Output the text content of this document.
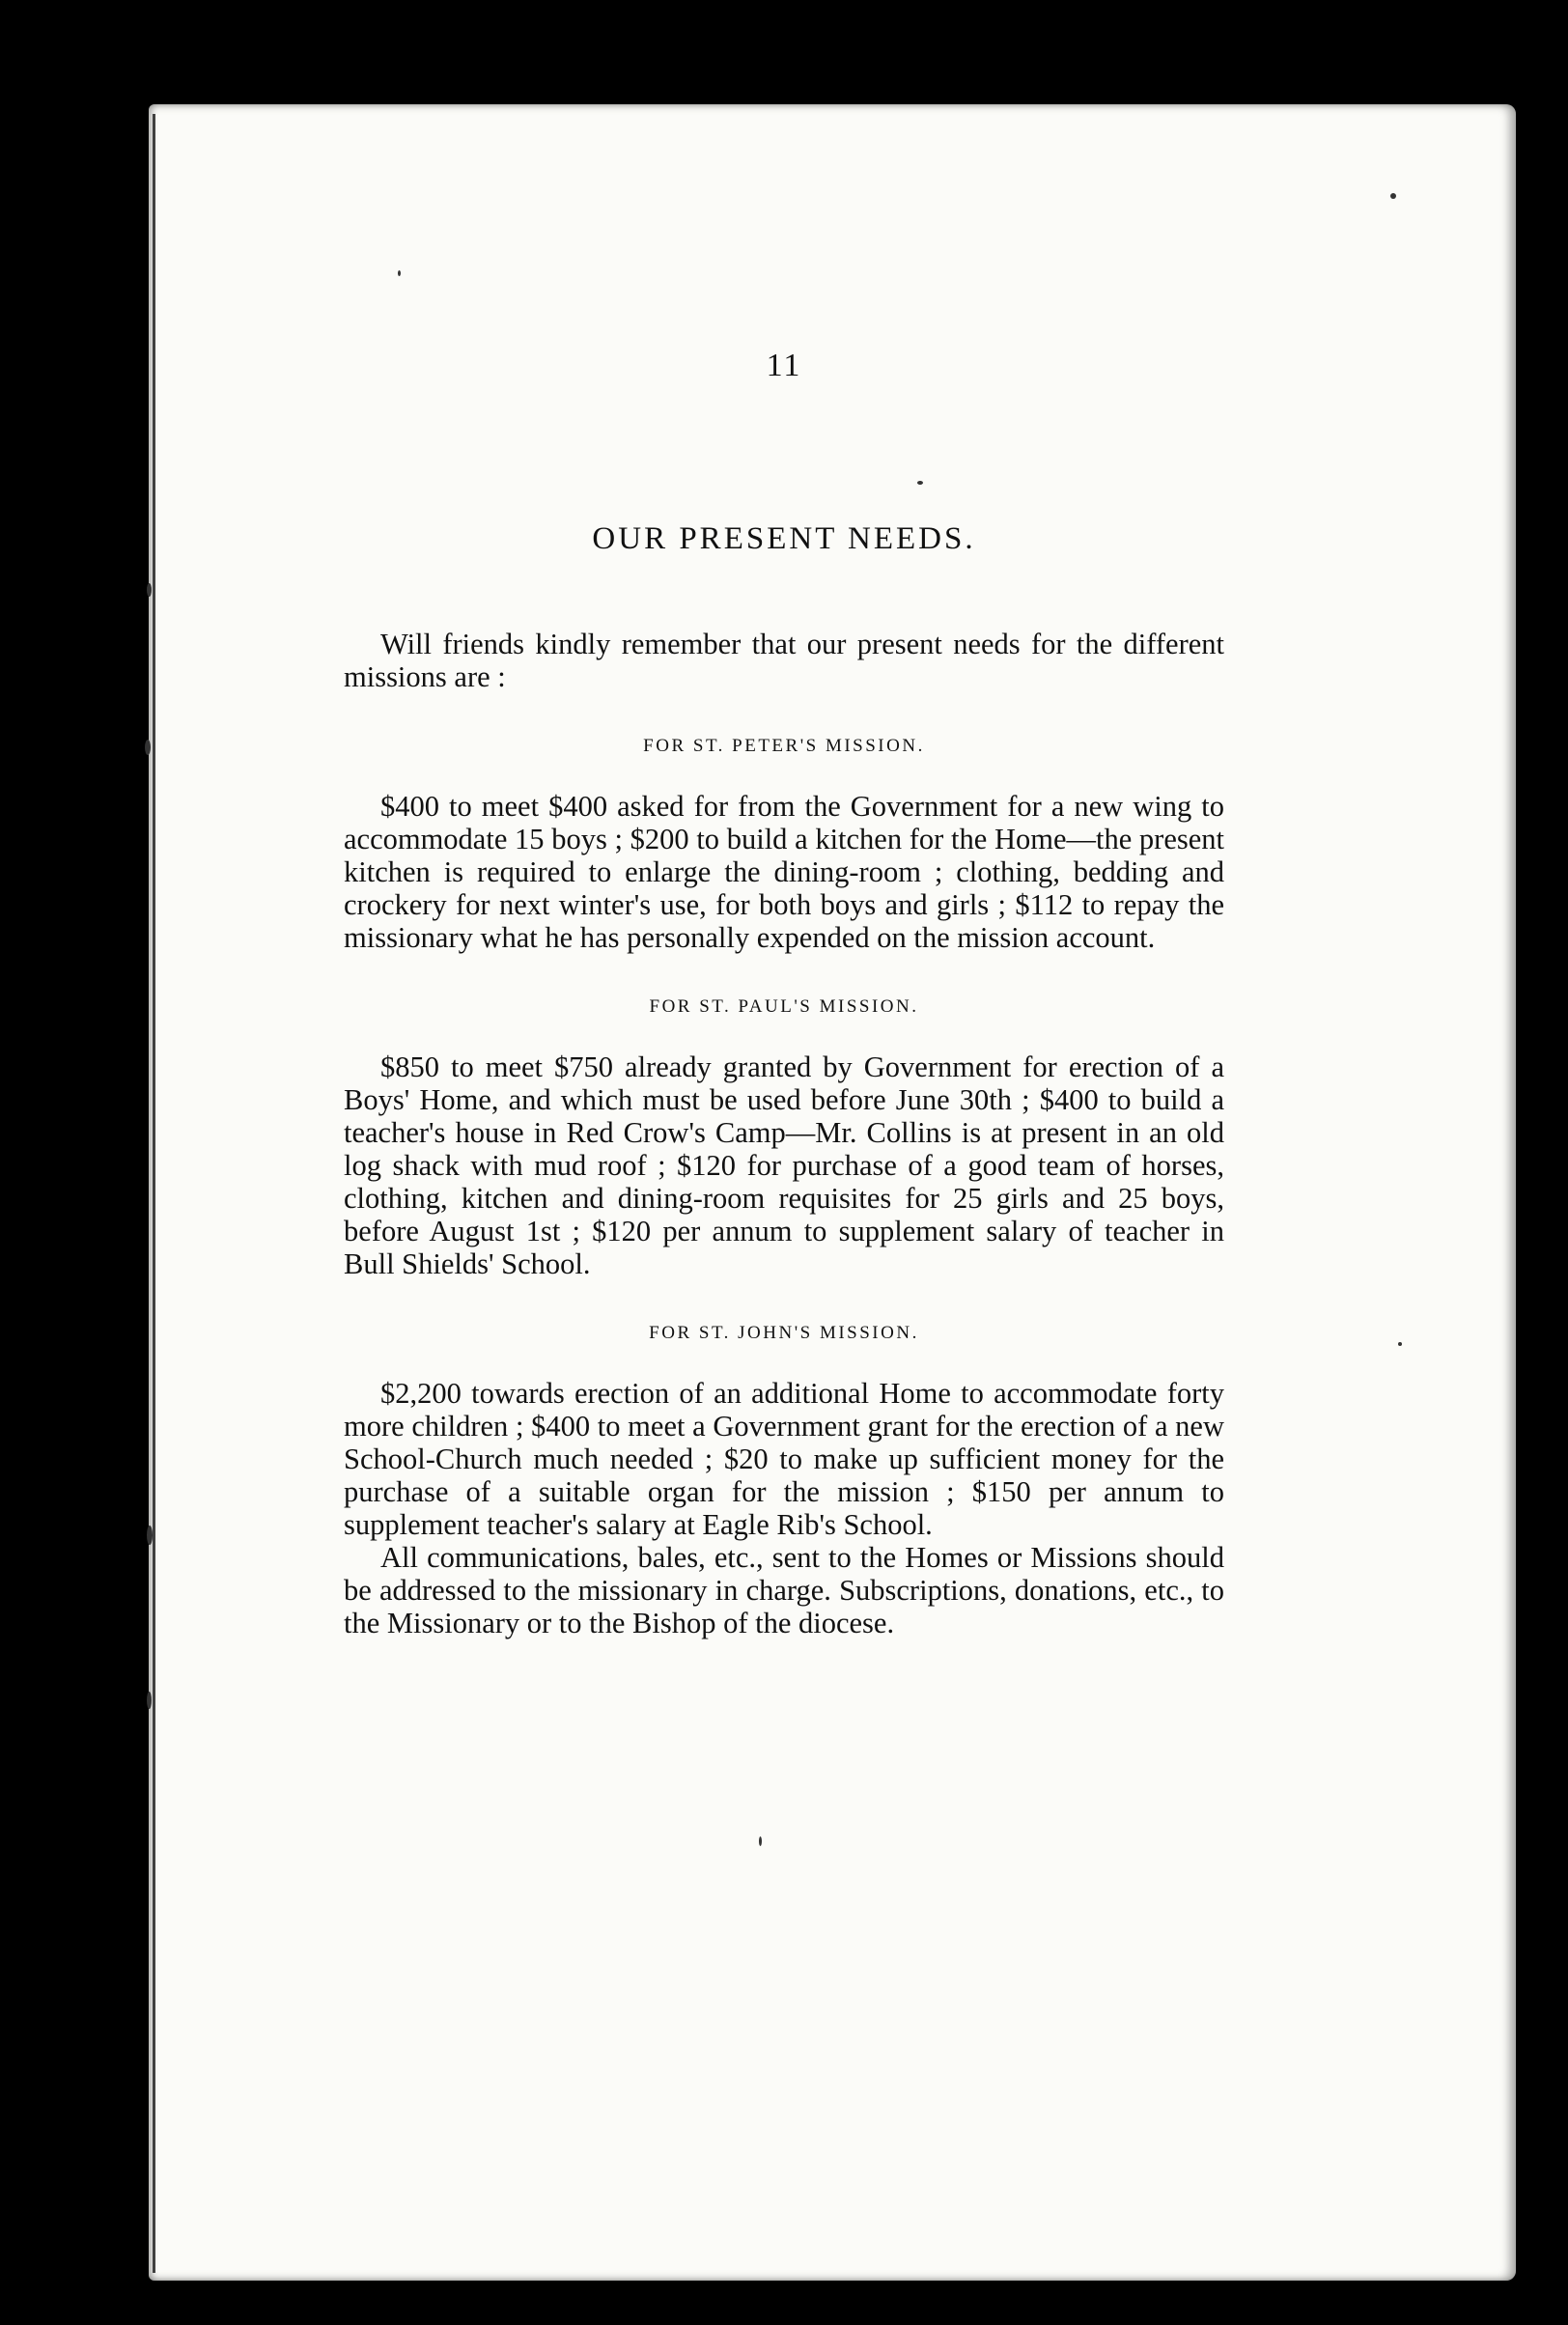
11
OUR PRESENT NEEDS.

Will friends kindly remember that our present needs for the different missions are :

FOR ST. PETER'S MISSION.

$400 to meet $400 asked for from the Government for a new wing to accommodate 15 boys ; $200 to build a kitchen for the Home—the present kitchen is required to enlarge the dining-room ; clothing, bedding and crockery for next winter's use, for both boys and girls ; $112 to repay the missionary what he has personally expended on the mission account.

FOR ST. PAUL'S MISSION.

$850 to meet $750 already granted by Government for erection of a Boys' Home, and which must be used before June 30th ; $400 to build a teacher's house in Red Crow's Camp—Mr. Collins is at present in an old log shack with mud roof ; $120 for purchase of a good team of horses, clothing, kitchen and dining-room requisites for 25 girls and 25 boys, before August 1st ; $120 per annum to supplement salary of teacher in Bull Shields' School.

FOR ST. JOHN'S MISSION.

$2,200 towards erection of an additional Home to accommodate forty more children ; $400 to meet a Government grant for the erection of a new School-Church much needed ; $20 to make up sufficient money for the purchase of a suitable organ for the mission ; $150 per annum to supplement teacher's salary at Eagle Rib's School.

All communications, bales, etc., sent to the Homes or Missions should be addressed to the missionary in charge. Subscriptions, donations, etc., to the Missionary or to the Bishop of the diocese.
